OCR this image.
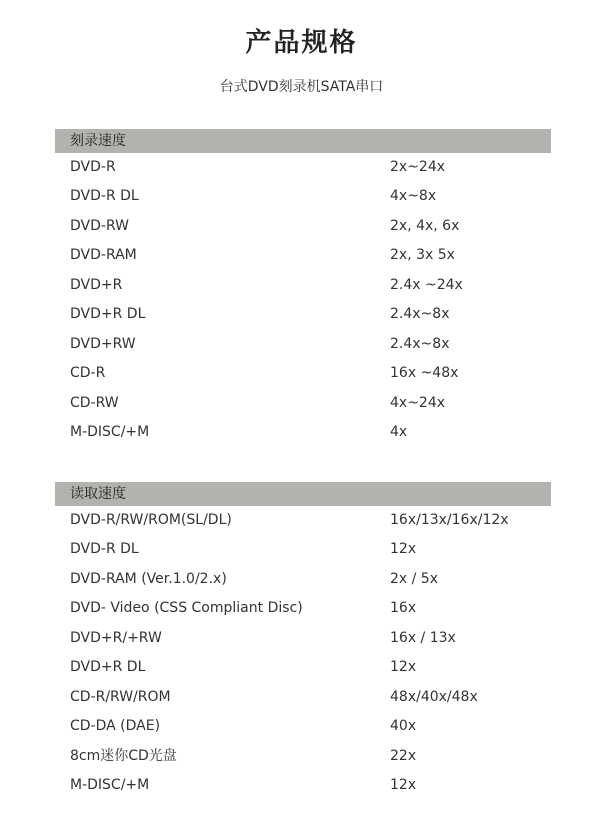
产品规格
台式DVD刻录机SATA串口
刻录速度
DVD-R	2x~24x
DVD-R DL	4x~8x
DVD-RW	2x, 4x, 6x
DVD-RAM	2x, 3x 5x
DVD+R	2.4x ~24x
DVD+R DL	2.4x~8x
DVD+RW	2.4x~8x
CD-R	16x ~48x
CD-RW	4x~24x
M-DISC/+M	4x
读取速度
DVD-R/RW/ROM(SL/DL)	16x/13x/16x/12x
DVD-R DL	12x
DVD-RAM (Ver.1.0/2.x)	2x / 5x
DVD- Video (CSS Compliant Disc)	16x
DVD+R/+RW	16x / 13x
DVD+R DL	12x
CD-R/RW/ROM	48x/40x/48x
CD-DA (DAE)	40x
8cm迷你CD光盘	22x
M-DISC/+M	12x
